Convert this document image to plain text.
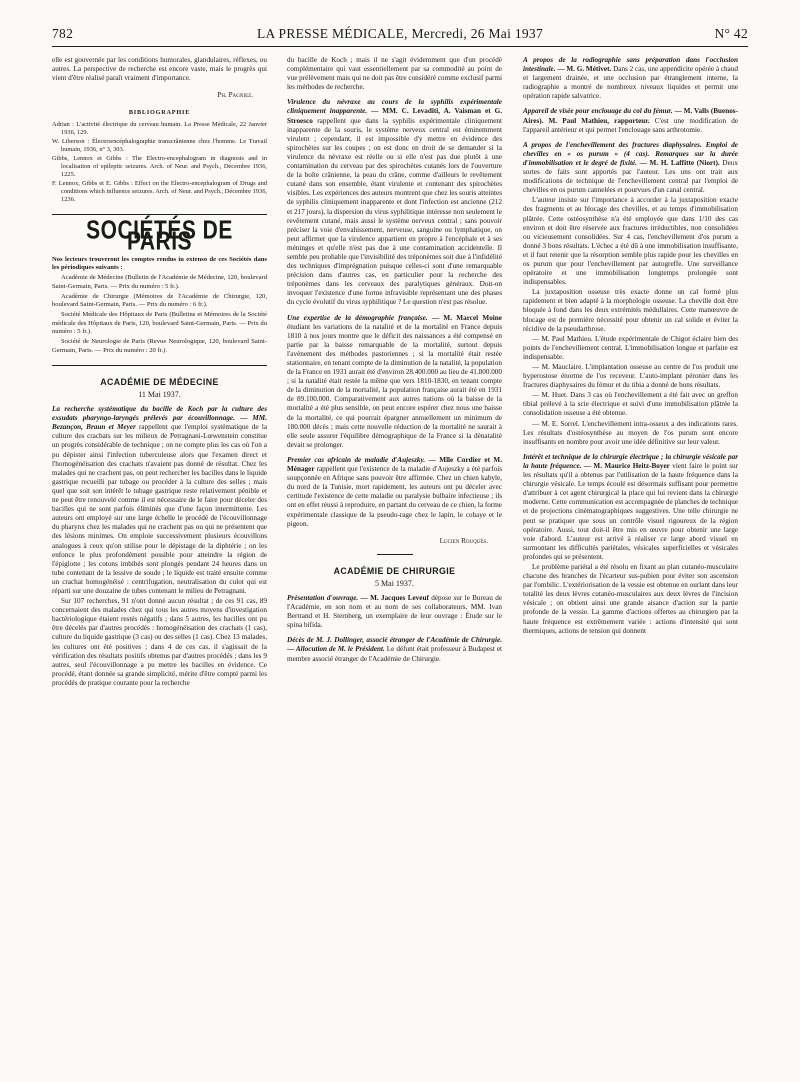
782	LA PRESSE MÉDICALE, Mercredi, 26 Mai 1937	N° 42

elle est gouvernée par les conditions humorales, glandulaires, réflexes, ou autres. La perspective de recherche est encore vaste, mais le progrès qui vient d'être réalisé paraît vraiment d'importance.

Ph. Pagniez.

BIBLIOGRAPHIE

Adrian : L'activité électrique du cerveau humain. La Presse Médicale, 22 Janvier 1936, 129.

W. Liberson : Électroencéphalographie transcrânienne chez l'homme. Le Travail humain, 1936, n° 3, 303.

Gibbs, Lennox et Gibbs : The Electro-encephalogram in diagnosis and in localisation of epileptic seizures. Arch. of Neur. and Psych., Décembre 1936, 1225.

F. Lennox, Gibbs et E. Gibbs : Effect on the Electro-encephalogram of Drugs and conditions which influence seizures. Arch. of Neur. and Psych., Décembre 1936, 1236.

SOCIÉTÉS DE PARIS

Nos lecteurs trouveront les comptes rendus in extenso de ces Sociétés dans les périodiques suivants :

Académie de Médecine (Bulletin de l'Académie de Médecine, 120, boulevard Saint-Germain, Paris. — Prix du numéro : 5 fr.).

Académie de Chirurgie (Mémoires de l'Académie de Chirurgie, 120, boulevard Saint-Germain, Paris. — Prix du numéro : 6 fr.).

Société Médicale des Hôpitaux de Paris (Bulletins et Mémoires de la Société médicale des Hôpitaux de Paris, 120, boulevard Saint-Germain, Paris. — Prix du numéro : 5 fr.).

Société de Neurologie de Paris (Revue Neurologique, 120, boulevard Saint-Germain, Paris. — Prix du numéro : 20 fr.).

ACADÉMIE DE MÉDECINE
11 Mai 1937.

La recherche systématique du bacille de Koch par la culture des exsudats pharyngo-laryngés prélevés par écouvillonnage. — MM. Bezançon, Braun et Meyer rappellent que l'emploi systématique de la culture des crachats sur les milieux de Petragnani-Lœwenstein constitue un progrès considérable de technique ; on ne compte plus les cas où l'on a pu dépister ainsi l'infection tuberculeuse alors que l'examen direct et l'homogénéisation des crachats n'avaient pas donné de résultat. Chez les malades qui ne crachent pas, on peut rechercher les bacilles dans le liquide gastrique recueilli par tubage ou procéder à la culture des selles ; mais quel que soit son intérêt le tubage gastrique reste relativement pénible et ne peut être renouvelé comme il est nécessaire de le faire pour déceler des bacilles qui ne sont parfois éliminés que d'une façon intermittente. Les auteurs ont employé sur une large échelle le procédé de l'écouvillonnage du pharynx chez les malades qui ne crachent pas ou qui ne présentent que des lésions minimes. On emploie successivement plusieurs écouvillons analogues à ceux qu'on utilise pour le dépistage de la diphtérie ; on les enfonce le plus profondément possible pour atteindre la région de l'épiglotte ; les cotons imbibés sont plongés pendant 24 heures dans un tube contenant de la lessive de soude ; le liquide est traité ensuite comme un crachat homogénéisé : centrifugation, neutralisation du culot qui est réparti sur une douzaine de tubes contenant le milieu de Petragnani.

Sur 107 recherches, 91 n'ont donné aucun résultat ; de ces 91 cas, 89 concernaient des malades chez qui tous les autres moyens d'investigation bactériologique étaient restés négatifs ; dans 5 autres, les bacilles ont pu être décelés par d'autres procédés : homogénéisation des crachats (1 cas), culture du liquide gastrique (3 cas) ou des selles (1 cas). Chez 13 malades, les cultures ont été positives ; dans 4 de ces cas, il s'agissait de la vérification des résultats positifs obtenus par d'autres procédés ; dans les 9 autres, seul l'écouvillonnage a pu mettre les bacilles en évidence. Ce procédé, étant donnée sa grande simplicité, mérite d'être compté parmi les procédés de pratique courante pour la recherche

du bacille de Koch ; mais il ne s'agit évidemment que d'un procédé complémentaire qui vaut essentiellement par sa commodité au point de vue prélèvement mais qui ne doit pas être considéré comme exclusif parmi les méthodes de recherche.

Virulence du névraxe au cours de la syphilis expérimentale cliniquement inapparente. — MM. C. Levaditi, A. Vaisman et G. Stroesco rappellent que dans la syphilis expérimentale cliniquement inapparente de la souris, le système nerveux central est éminemment virulent ; cependant, il est impossible d'y mettre en évidence des spirochètes sur les coupes ; on est donc en droit de se demander si la virulence du névraxe est réelle ou si elle n'est pas due plutôt à une contamination du cerveau par des spirochètes cutanés lors de l'ouverture de la boîte crânienne, la peau du crâne, comme d'ailleurs le revêtement cutané dans son ensemble, étant virulente et contenant des spirochètes visibles. Les expériences des auteurs montrent que chez les souris atteintes de syphilis cliniquement inapparente et dont l'infection est ancienne (212 et 217 jours), la dispersion du virus syphilitique intéresse non seulement le revêtement cutané, mais aussi le système nerveux central ; sans pouvoir préciser la voie d'envahissement, nerveuse, sanguine ou lymphatique, on peut affirmer que la virulence appartient en propre à l'encéphale et à ses méninges et qu'elle n'est pas due à une contamination accidentelle. Il semble peu probable que l'invisibilité des tréponèmes soit due à l'infidélité des techniques d'imprégnation puisque celles-ci sont d'une remarquable précision dans d'autres cas, en particulier pour la recherche des tréponèmes dans les cerveaux des paralytiques généraux. Doit-on invoquer l'existence d'une forme infravisible représentant une des phases du cycle évolutif du virus syphilitique ? Le question n'est pas résolue.

Une expertise de la démographie française. — M. Marcel Moine étudiant les variations de la natalité et de la mortalité en France depuis 1810 à nos jours montre que le déficit des naissances a été compensé en partie par la baisse remarquable de la mortalité, surtout depuis l'avènement des méthodes pastoriennes ; si la mortalité était restée stationnaire, en tenant compte de la diminution de la natalité, la population de la France en 1931 aurait été d'environ 28.400.000 au lieu de 41.800.000 ; si la natalité était restée la même que vers 1810-1830, en tenant compte de la diminution de la mortalité, la population française aurait été en 1931 de 89.100.000. Comparativement aux autres nations où la baisse de la mortalité a été plus sensible, on peut encore espérer chez nous une baisse de la mortalité, ce qui pourrait épargner annuellement un minimum de 180.000 décès ; mais cette nouvelle réduction de la mortalité ne saurait à elle seule assurer l'équilibre démographique de la France si la dénatalité devait se prolonger.

Premier cas africain de maladie d'Aujeszky. — Mlle Cordier et M. Ménager rappellent que l'existence de la maladie d'Aujeszky a été parfois soupçonnée en Afrique sans pouvoir être affirmée. Chez un chien kabyle, du nord de la Tunisie, mort rapidement, les auteurs ont pu déceler avec certitude l'existence de cette maladie ou paralysie bulbaire infectieuse ; ils ont en effet réussi à reproduire, en partant du cerveau de ce chien, la forme expérimentale classique de la pseudo-rage chez le lapin, le cobaye et le pigeon.

Lucien Rouquès.

ACADÉMIE DE CHIRURGIE
5 Mai 1937.

Présentation d'ouvrage. — M. Jacques Leveuf dépose sur le Bureau de l'Académie, en son nom et au nom de ses collaborateurs, MM. Ivan Bertrand et H. Sternberg, un exemplaire de leur ouvrage : Étude sur le spina bifida.

Décès de M. J. Dollinger, associé étranger de l'Académie de Chirurgie. — Allocution de M. le Président. Le défunt était professeur à Budapest et membre associé étranger de l'Académie de Chirurgie.

A propos de la radiographie sans préparation dans l'occlusion intestinale. — M. G. Métivet. Dans 2 cas, une appendicite opérée à chaud et largement drainée, et une occlusion par étranglement interne, la radiographie a montré de nombreux niveaux liquides et permit une opération rapide salvatrice.

Appareil de visée pour enclouage du col du fémur. — M. Valls (Buenos-Aires). M. Paul Mathieu, rapporteur. C'est une modification de l'appareil antérieur et qui permet l'enclouage sans arthrotomie.

A propos de l'enchevillement des fractures diaphysaires. Emploi de chevilles en « os purum » (4 cas). Remarques sur la durée d'immobilisation et le degré de fixité. — M. H. Laffitte (Niort). Deux sortes de faits sont apportés par l'auteur. Les uns ont trait aux modifications de technique de l'enchevillement central par l'emploi de chevilles en os purum cannelées et pourvues d'un canal central.

L'auteur insiste sur l'importance à accorder à la juxtaposition exacte des fragments et au blocage des chevilles, et au temps d'immobilisation plâtrée. Cette ostéosynthèse n'a été employée que dans 1/10 des cas environ et doit être réservée aux fractures irréductibles, non consolidées ou vicieusement consolidées. Sur 4 cas, l'enchevillement d'os purum a donné 3 bons résultats. L'échec a été dû à une immobilisation insuffisante, et il faut retenir que la résorption semble plus rapide pour les chevilles en os purum que pour l'enchevillement par autogreffe. Une surveillance opératoire et une immobilisation longtemps prolongée sont indispensables.

La juxtaposition osseuse très exacte donne un cal formé plus rapidement et bien adapté à la morphologie osseuse. La cheville doit être bloquée à fond dans les deux extrémités médullaires. Cette manœuvre de blocage est de première nécessité pour obtenir un cal solide et éviter la récidive de la pseudarthrose.

— M. Paul Mathieu. L'étude expérimentale de Chigot éclaire bien des points de l'enchevillement central. L'immobilisation longue et parfaite est indispensable.

— M. Mauclaire. L'implantation osseuse au centre de l'os produit une hyperostose énorme de l'os receveur. L'auto-implant péronier dans les fractures diaphysaires du fémur et du tibia a donné de bons résultats.

— M. Huet. Dans 3 cas où l'enchevillement a été fait avec un greffon tibial prélevé à la scie électrique et suivi d'une immobilisation plâtrée la consolidation osseuse a été obtenue.

— M. E. Sorrel. L'enchevillement intra-osseux a des indications rares. Les résultats d'ostéosynthèse au moyen de l'os purum sont encore insuffisants en nombre pour avoir une idée définitive sur leur valeur.

Intérêt et technique de la chirurgie électrique ; la chirurgie vésicale par la haute fréquence. — M. Maurice Heitz-Boyer vient faire le point sur les résultats qu'il a obtenus par l'utilisation de la haute fréquence dans la chirurgie vésicale. Le temps écoulé est désormais suffisant pour permettre d'attribuer à cet agent chirurgical la place qui lui revient dans la chirurgie moderne. Cette communication est accompagnée de planches de technique et de projections cinématographiques suggestives. Une telle chirurgie ne peut se pratiquer que sous un contrôle visuel rigoureux de la région opératoire. Aussi, tout doit-il être mis en œuvre pour obtenir une large voie d'abord. L'auteur est arrivé à réaliser ce large abord visuel en surmontant les difficultés pariétales, vésicales superficielles et vésicales profondes qui se présentent.

Le problème pariétal a été résolu en fixant au plan cutanéo-musculaire chacune des branches de l'écarteur sus-pubien pour éviter son ascension par l'ombilic. L'extériorisation de la vessie est obtenue en ourlant dans leur totalité les deux lèvres cutanéo-musculaires aux deux lèvres de l'incision vésicale ; on obtient ainsi une grande aisance d'action sur la partie profonde de la vessie. La gamme d'actions offertes au chirurgien par la haute fréquence est extrêmement variée : actions d'intensité qui sont thermiques, actions de tension qui donnent
